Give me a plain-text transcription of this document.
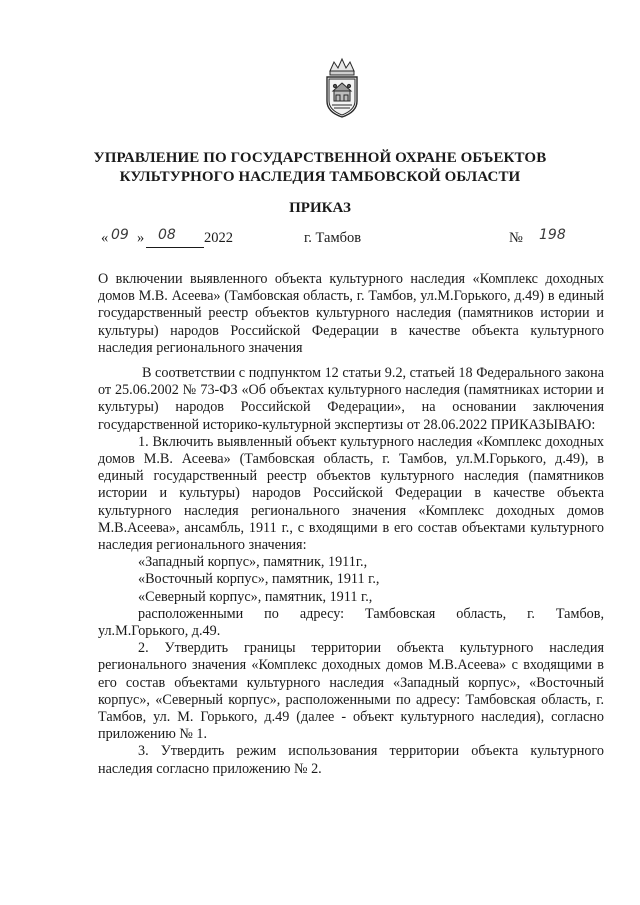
УПРАВЛЕНИЕ ПО ГОСУДАРСТВЕННОЙ ОХРАНЕ ОБЪЕКТОВ
КУЛЬТУРНОГО НАСЛЕДИЯ ТАМБОВСКОЙ ОБЛАСТИ
ПРИКАЗ
« 09 » 08 2022	г. Тамбов	№ 198
О включении выявленного объекта культурного наследия «Комплекс доходных домов М.В. Асеева» (Тамбовская область, г. Тамбов, ул.М.Горького, д.49) в единый государственный реестр объектов культурного наследия (памятников истории и культуры) народов Российской Федерации в качестве объекта культурного наследия регионального значения

В соответствии с подпунктом 12 статьи 9.2, статьей 18 Федерального закона от 25.06.2002 № 73-ФЗ «Об объектах культурного наследия (памятниках истории и культуры) народов Российской Федерации», на основании заключения государственной историко-культурной экспертизы от 28.06.2022 ПРИКАЗЫВАЮ:

1. Включить выявленный объект культурного наследия «Комплекс доходных домов М.В. Асеева» (Тамбовская область, г. Тамбов, ул.М.Горького, д.49), в единый государственный реестр объектов культурного наследия (памятников истории и культуры) народов Российской Федерации в качестве объекта культурного наследия регионального значения «Комплекс доходных домов М.В.Асеева», ансамбль, 1911 г., с входящими в его состав объектами культурного наследия регионального значения:

«Западный корпус», памятник, 1911г.,
«Восточный корпус», памятник, 1911 г.,
«Северный корпус», памятник, 1911 г.,

расположенными по адресу: Тамбовская область, г. Тамбов,

ул.М.Горького, д.49.

2. Утвердить границы территории объекта культурного наследия регионального значения «Комплекс доходных домов М.В.Асеева» с входящими в его состав объектами культурного наследия «Западный корпус», «Восточный корпус», «Северный корпус», расположенными по адресу: Тамбовская область, г. Тамбов, ул. М. Горького, д.49 (далее - объект культурного наследия), согласно приложению № 1.

3. Утвердить режим использования территории объекта культурного наследия согласно приложению № 2.
